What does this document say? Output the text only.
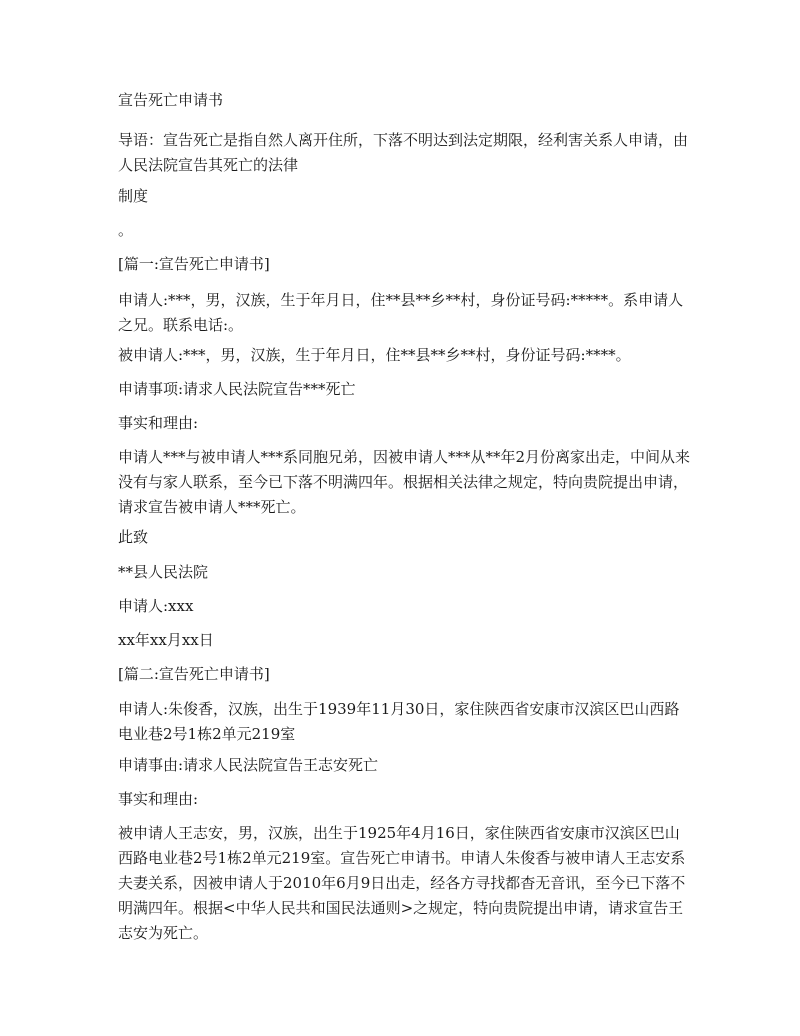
宣告死亡申请书

导语：宣告死亡是指自然人离开住所，下落不明达到法定期限，经利害关系人申请，由人民法院宣告其死亡的法律

制度

。

[篇一:宣告死亡申请书]

申请人:***，男，汉族，生于年月日，住**县**乡**村，身份证号码:*****。系申请人之兄。联系电话:。

被申请人:***，男，汉族，生于年月日，住**县**乡**村，身份证号码:****。

申请事项:请求人民法院宣告***死亡

事实和理由:

申请人***与被申请人***系同胞兄弟，因被申请人***从**年2月份离家出走，中间从来没有与家人联系，至今已下落不明满四年。根据相关法律之规定，特向贵院提出申请，请求宣告被申请人***死亡。

此致

**县人民法院

申请人:xxx

xx年xx月xx日

[篇二:宣告死亡申请书]

申请人:朱俊香，汉族，出生于1939年11月30日，家住陕西省安康市汉滨区巴山西路电业巷2号1栋2单元219室

申请事由:请求人民法院宣告王志安死亡

事实和理由:

被申请人王志安，男，汉族，出生于1925年4月16日，家住陕西省安康市汉滨区巴山西路电业巷2号1栋2单元219室。宣告死亡申请书。申请人朱俊香与被申请人王志安系夫妻关系，因被申请人于2010年6月9日出走，经各方寻找都杳无音讯，至今已下落不明满四年。根据<中华人民共和国民法通则>之规定，特向贵院提出申请，请求宣告王志安为死亡。
